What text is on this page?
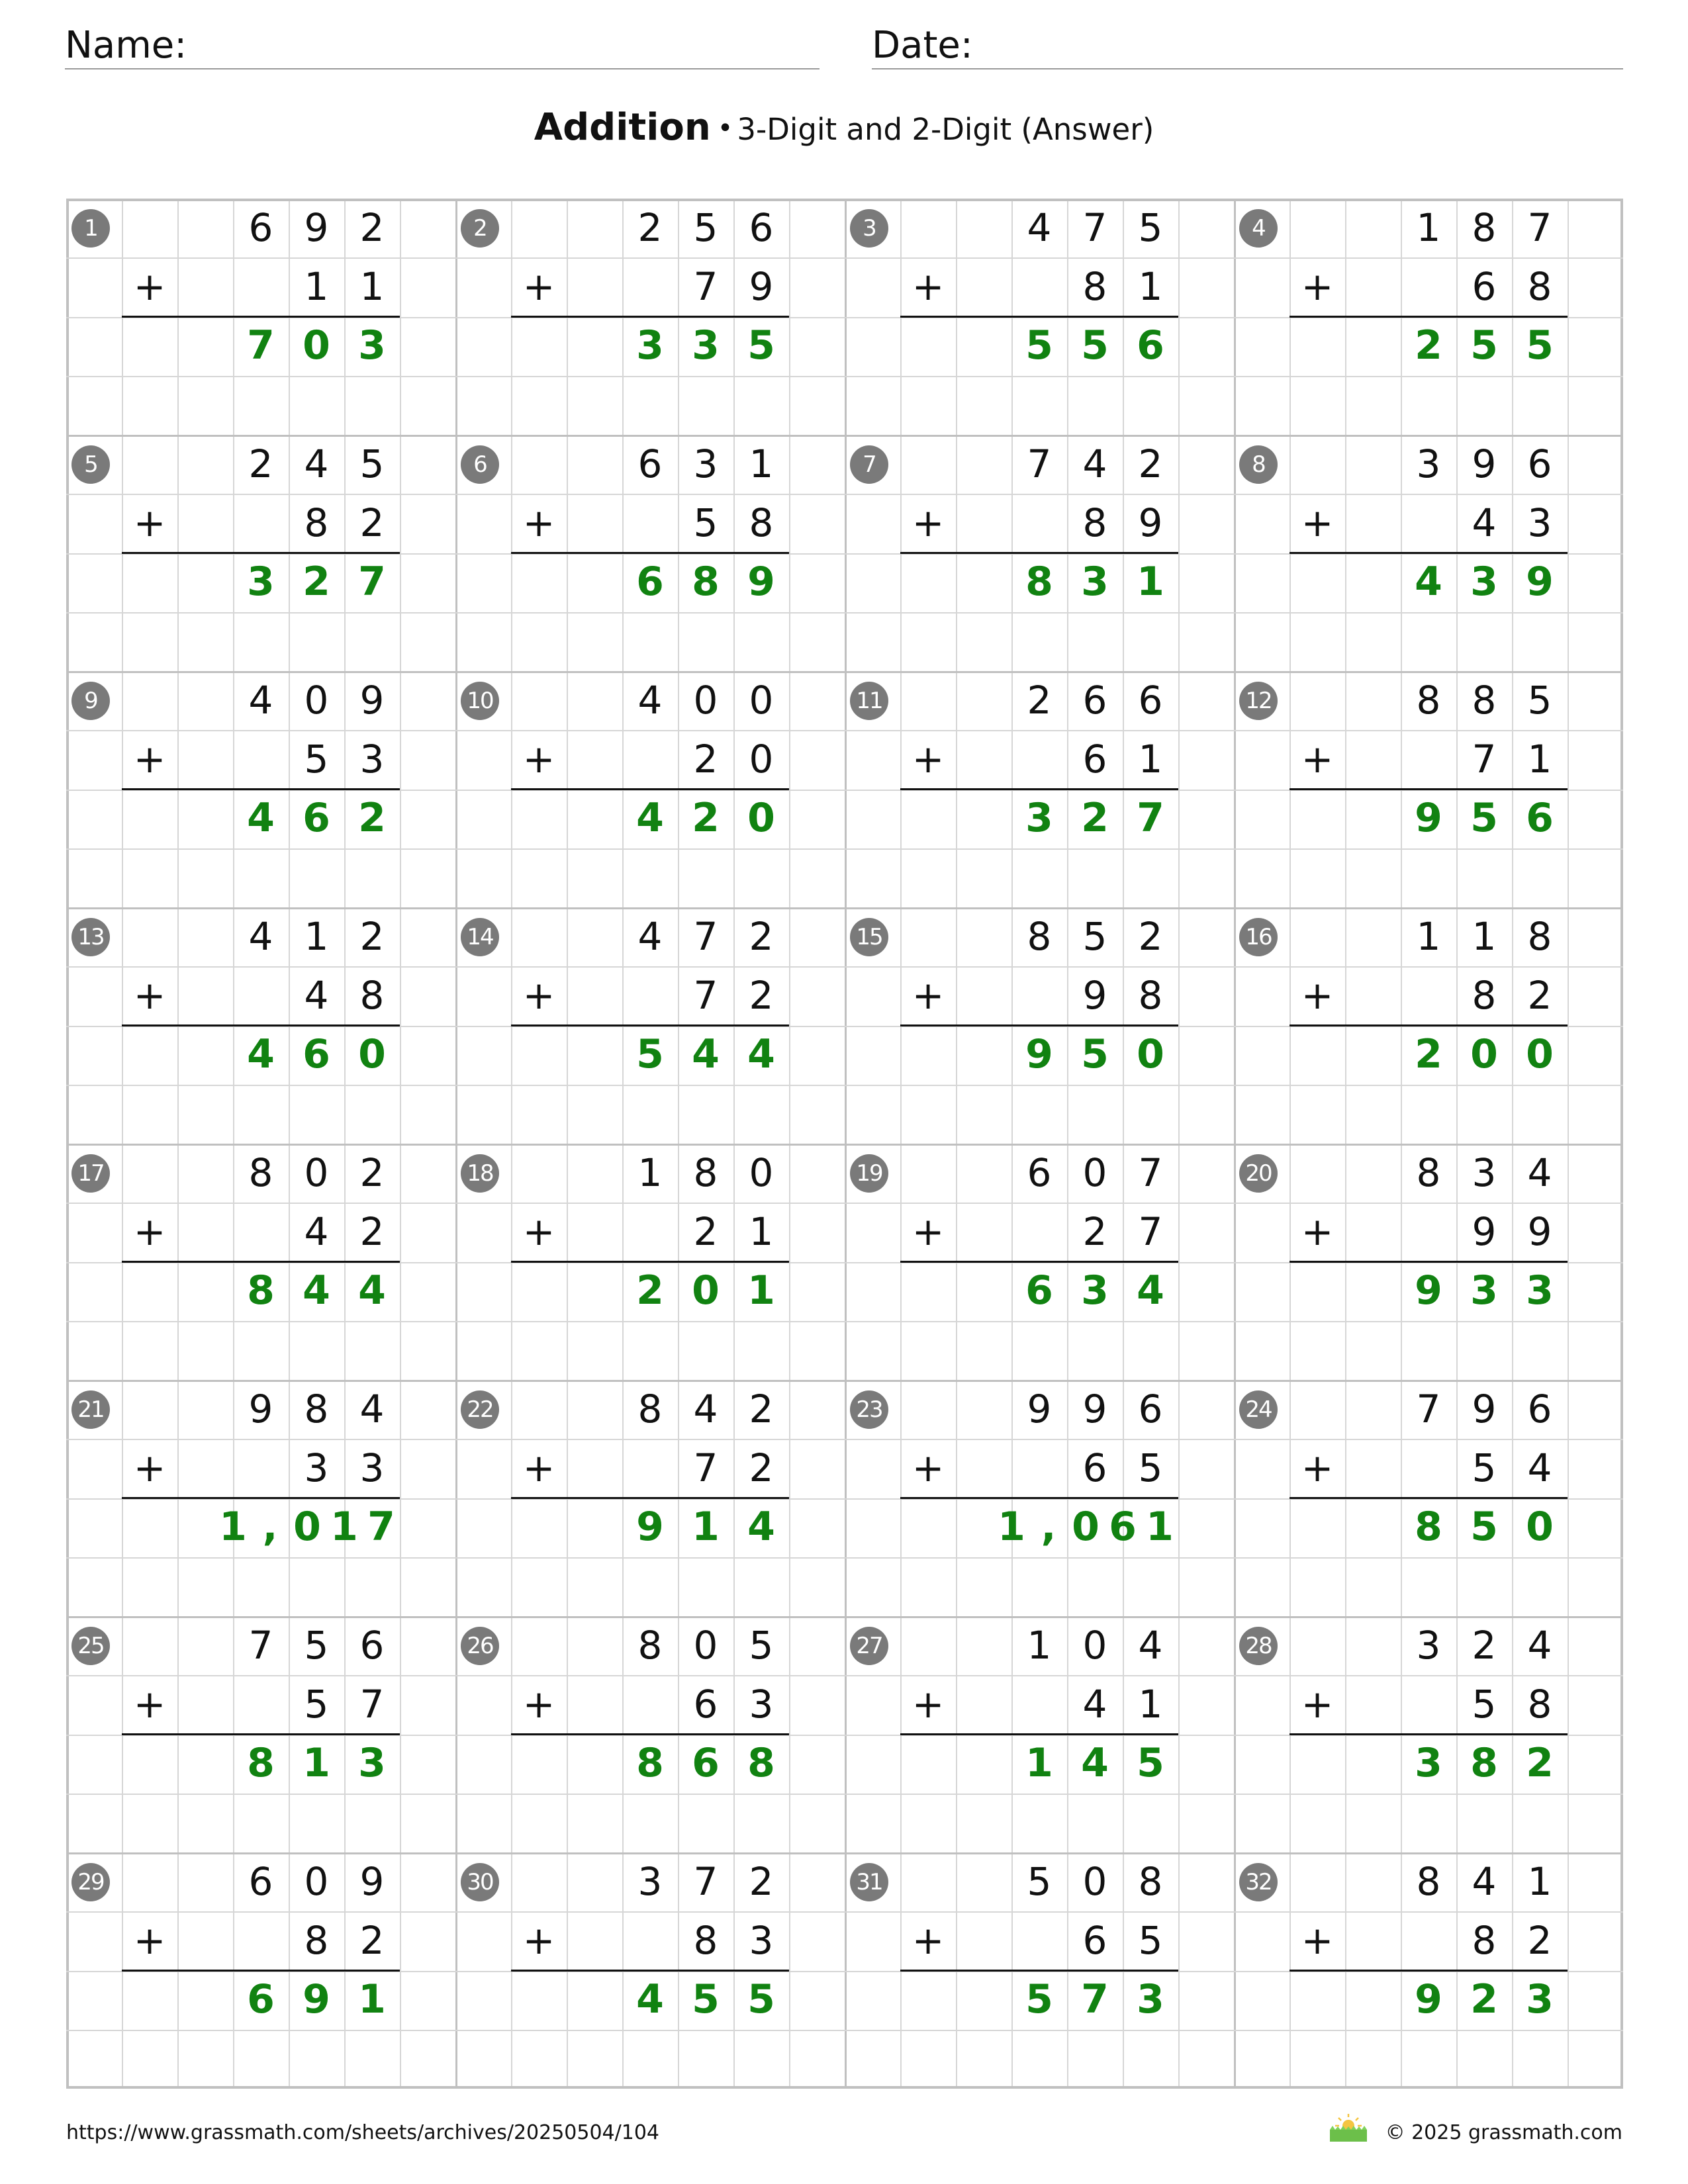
Name:	Date:
Addition • 3-Digit and 2-Digit (Answer)
1	6 9 2
+	1 1
7 0 3
2	2 5 6
+	7 9
3 3 5
3	4 7 5
+	8 1
5 5 6
4	1 8 7
+	6 8
2 5 5
5	2 4 5
+	8 2
3 2 7
6	6 3 1
+	5 8
6 8 9
7	7 4 2
+	8 9
8 3 1
8	3 9 6
+	4 3
4 3 9
9	4 0 9
+	5 3
4 6 2
10	4 0 0
+	2 0
4 2 0
11	2 6 6
+	6 1
3 2 7
12	8 8 5
+	7 1
9 5 6
13	4 1 2
+	4 8
4 6 0
14	4 7 2
+	7 2
5 4 4
15	8 5 2
+	9 8
9 5 0
16	1 1 8
+	8 2
2 0 0
17	8 0 2
+	4 2
8 4 4
18	1 8 0
+	2 1
2 0 1
19	6 0 7
+	2 7
6 3 4
20	8 3 4
+	9 9
9 3 3
21	9 8 4
+	3 3
1 , 0 1 7
22	8 4 2
+	7 2
9 1 4
23	9 9 6
+	6 5
1 , 0 6 1
24	7 9 6
+	5 4
8 5 0
25	7 5 6
+	5 7
8 1 3
26	8 0 5
+	6 3
8 6 8
27	1 0 4
+	4 1
1 4 5
28	3 2 4
+	5 8
3 8 2
29	6 0 9
+	8 2
6 9 1
30	3 7 2
+	8 3
4 5 5
31	5 0 8
+	6 5
5 7 3
32	8 4 1
+	8 2
9 2 3
https://www.grassmath.com/sheets/archives/20250504/104	© 2025 grassmath.com
